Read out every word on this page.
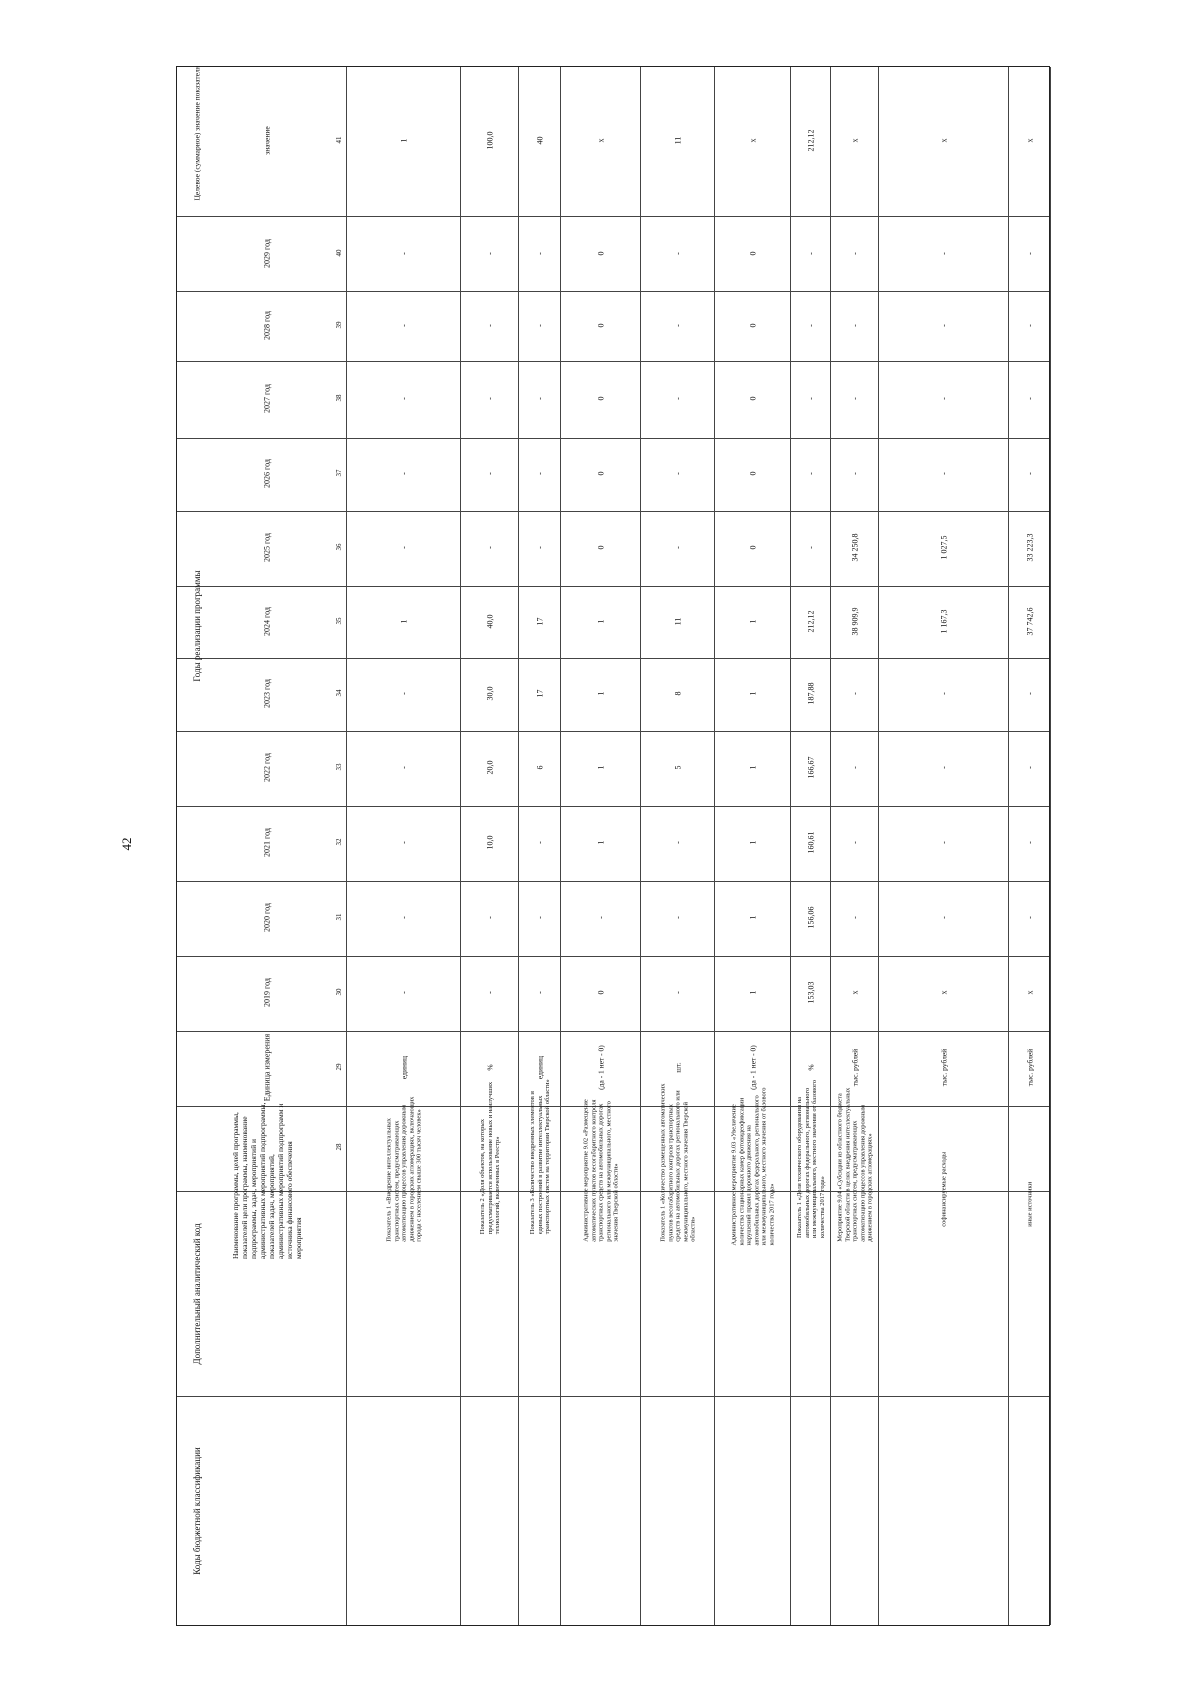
42
Коды бюджетной классификации
Дополнительный аналитический код
Наименование программы, целей программы, показателей цели программы, наименование подпрограммы, задач, мероприятий и административных мероприятий подпрограммы, показателей задач, мероприятий, административных мероприятий подпрограмм и источника финансового обеспечения мероприятия
Единица измерения
Годы реализации программы
Целевое (суммарное) значение показателя	значение
2019 год
2020 год
2021 год
2022 год
2023 год
2024 год
2025 год
2026 год
2027 год
2028 год
2029 год
28
29
30
31
32
33
34
35
36
37
38
39
40
41
Показатель 1 «Внедрение интеллектуальных транспортных систем, предусматривающих автоматизацию процессов управления дорожным движением в городских агломерациях, включающих города с населением свыше 300 тысяч человек»
единиц
-
-
-
-
-
1
-
-
-
-
-
1
Показатель 2 «Доля объектов, на которых предусматривается использование новых и наилучших технологий, включенных в Реестр»
%
-
-
10,0
20,0
30,0
40,0
-
-
-
-
-
100,0
Показатель 3 «Количество внедренных элементов и единых построений в развитие интеллектуальных транспортных систем на территории Тверской области»
единиц
-
-
-
6
17
17
-
-
-
-
-
40
Административное мероприятие 9.02 «Размещение автоматических пунктов весогабаритного контроля транспортных средств на автомобильных дорогах регионального или межмуниципального, местного значения Тверской области»
(да - 1 нет - 0)
0
-
1
1
1
1
0
0
0
0
0
x
Показатель 1 «Количество размещенных автоматических пунктов весогабаритного контроля транспортных средств на автомобильных дорогах регионального или межмуниципального, местного значения Тверской области»
шт.
-
-
-
5
8
11
-
-
-
-
-
11
Административное мероприятие 9.03 «Увеличение количества стационарных камер фотовидеофиксации нарушений правил дорожного движения на автомобильных дорогах федерального, регионального или межмуниципального, местного значения от базового количества 2017 года»
(да - 1 нет - 0)
1
1
1
1
1
1
0
0
0
0
0
x
Показатель 1 «Доля технического оборудования на автомобильных дорогах федерального, регионального или межмуниципального, местного значения от базового количества 2017 года»
%
153,03
156,06
160,61
166,67
187,88
212,12
-
-
-
-
-
212,12
Мероприятие 9.04 «Субсидии из областного бюджета Тверской области в целях внедрения интеллектуальных транспортных систем, предусматривающих автоматизацию процессов управления дорожным движением в городских агломерациях»
тыс. рублей
x
-
-
-
-
38 909,9
34 250,8
-
-
-
-
x
софинансируемые расходы
тыс. рублей
x
-
-
-
-
1 167,3
1 027,5
-
-
-
-
x
иные источники
тыс. рублей
x
-
-
-
-
37 742,6
33 223,3
-
-
-
-
x
